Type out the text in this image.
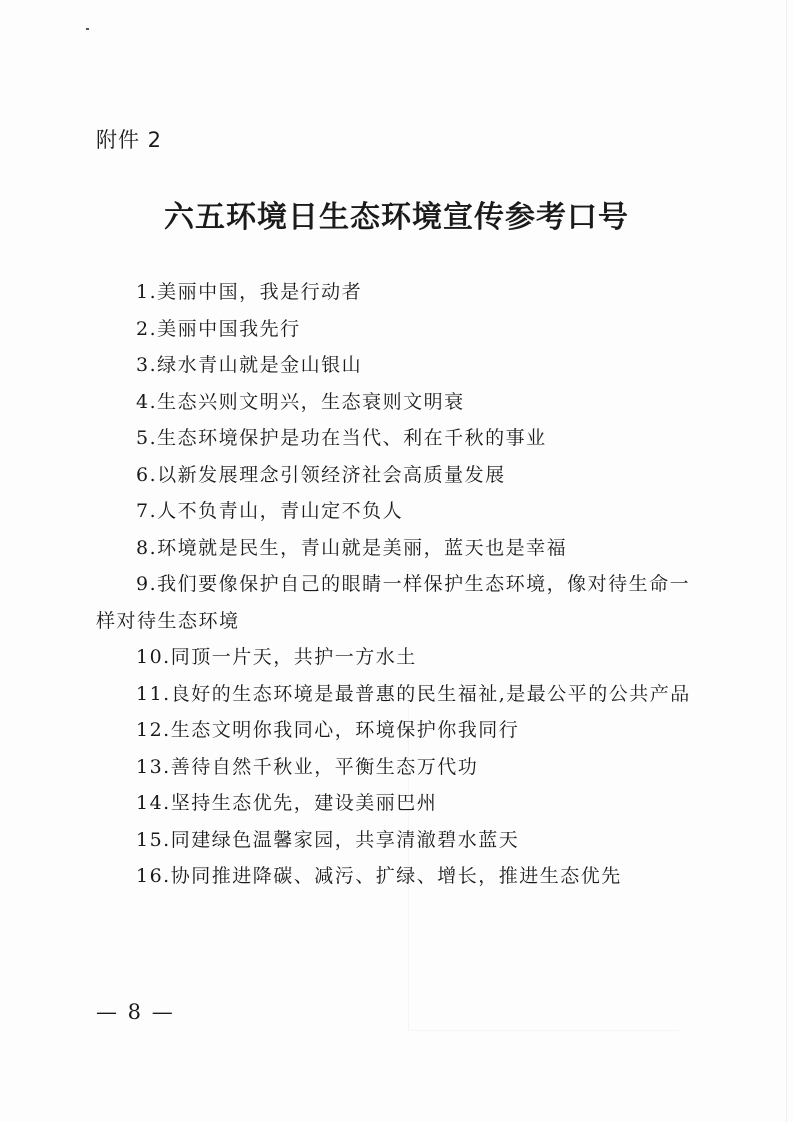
附件 2
六五环境日生态环境宣传参考口号
1.美丽中国，我是行动者
2.美丽中国我先行
3.绿水青山就是金山银山
4.生态兴则文明兴，生态衰则文明衰
5.生态环境保护是功在当代、利在千秋的事业
6.以新发展理念引领经济社会高质量发展
7.人不负青山，青山定不负人
8.环境就是民生，青山就是美丽，蓝天也是幸福
9.我们要像保护自己的眼睛一样保护生态环境，像对待生命一样对待生态环境
10.同顶一片天，共护一方水土
11.良好的生态环境是最普惠的民生福祉,是最公平的公共产品
12.生态文明你我同心，环境保护你我同行
13.善待自然千秋业，平衡生态万代功
14.坚持生态优先，建设美丽巴州
15.同建绿色温馨家园，共享清澈碧水蓝天
16.协同推进降碳、减污、扩绿、增长，推进生态优先
— 8 —
